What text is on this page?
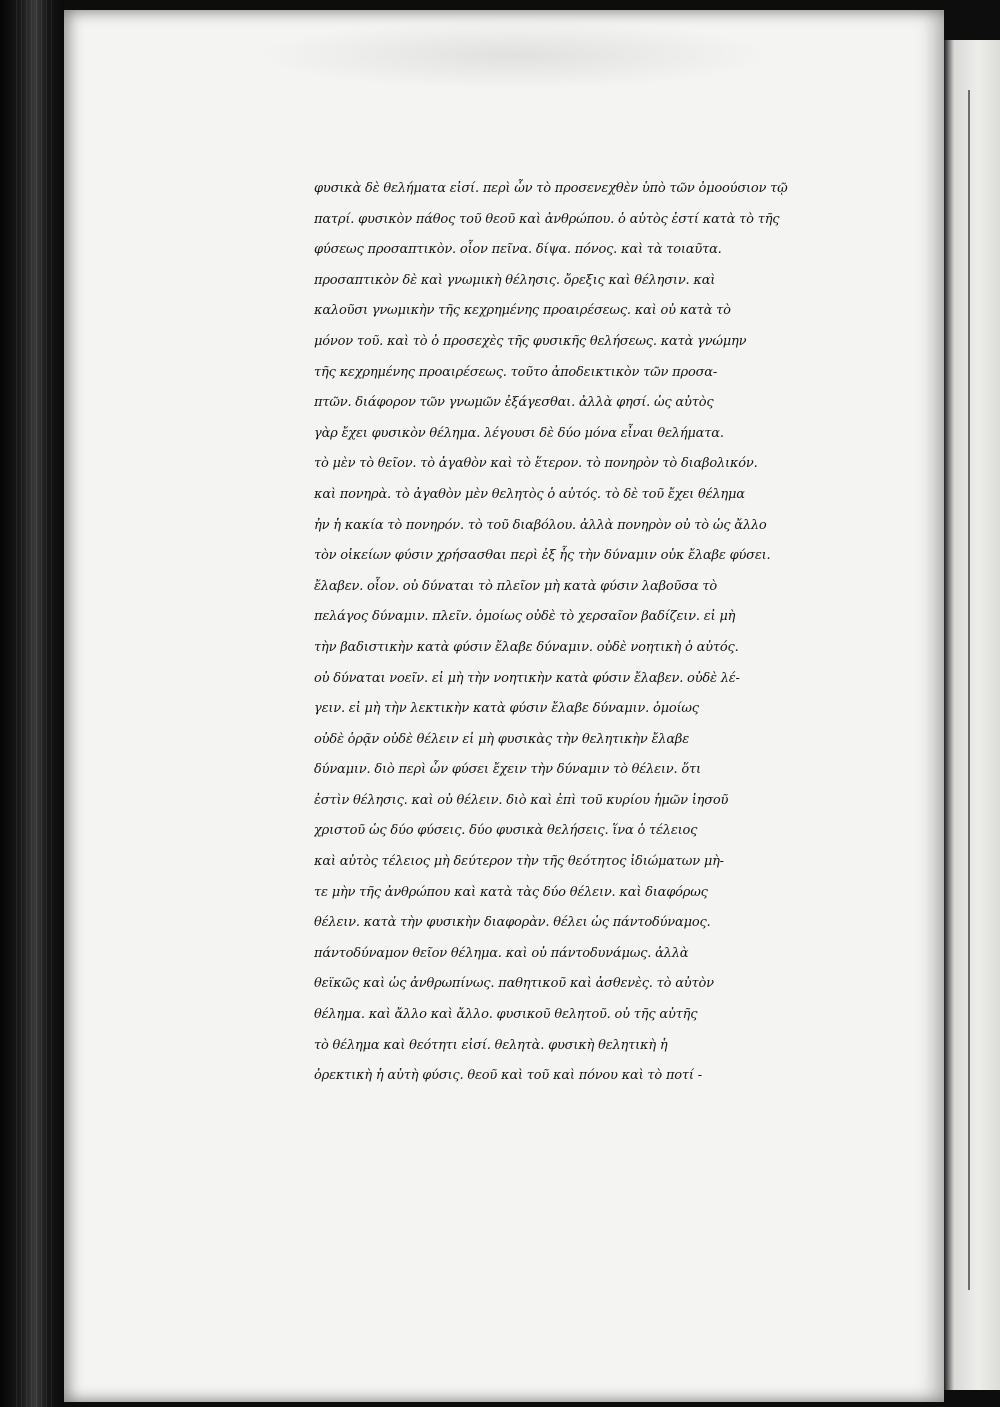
φυσικὰ δὲ θελήματα εἰσί. περὶ ὧν τὸ προσενεχθὲν ὑπὸ τῶν ὁμοούσιον τῷ
πατρί. φυσικὸν πάθος τοῦ θεοῦ καὶ ἀνθρώπου. ὁ αὐτὸς ἐστί κατὰ τὸ τῆς
φύσεως προσαπτικὸν. οἷον πεῖνα. δίψα. πόνος. καὶ τὰ τοιαῦτα.
προσαπτικὸν δὲ καὶ γνωμικὴ θέλησις. ὄρεξις καὶ θέλησιν. καὶ
καλοῦσι γνωμικὴν τῆς κεχρημένης προαιρέσεως. καὶ οὐ κατὰ τὸ
μόνον τοῦ. καὶ τὸ ὁ προσεχὲς τῆς φυσικῆς θελήσεως. κατὰ γνώμην
τῆς κεχρημένης προαιρέσεως. τοῦτο ἀποδεικτικὸν τῶν προσα-
πτῶν. διάφορον τῶν γνωμῶν ἐξάγεσθαι. ἀλλὰ φησί. ὡς αὐτὸς
γὰρ ἔχει φυσικὸν θέλημα. λέγουσι δὲ δύο μόνα εἶναι θελήματα.
τὸ μὲν τὸ θεῖον. τὸ ἀγαθὸν καὶ τὸ ἕτερον. τὸ πονηρὸν τὸ διαβολικόν.
καὶ πονηρὰ. τὸ ἀγαθὸν μὲν θελητὸς ὁ αὐτός. τὸ δὲ τοῦ ἔχει θέλημα
ἠν ἡ κακία τὸ πονηρόν. τὸ τοῦ διαβόλου. ἀλλὰ πονηρὸν οὐ τὸ ὡς ἄλλο
τὸν οἰκείων φύσιν χρήσασθαι περὶ ἐξ ἧς τὴν δύναμιν οὐκ ἔλαβε φύσει.
ἔλαβεν. οἷον. οὐ δύναται τὸ πλεῖον μὴ κατὰ φύσιν λαβοῦσα τὸ
πελάγος δύναμιν. πλεῖν. ὁμοίως οὐδὲ τὸ χερσαῖον βαδίζειν. εἰ μὴ
τὴν βαδιστικὴν κατὰ φύσιν ἔλαβε δύναμιν. οὐδὲ νοητικὴ ὁ αὐτός.
οὐ δύναται νοεῖν. εἰ μὴ τὴν νοητικὴν κατὰ φύσιν ἔλαβεν. οὐδὲ λέ-
γειν. εἰ μὴ τὴν λεκτικὴν κατὰ φύσιν ἔλαβε δύναμιν. ὁμοίως
οὐδὲ ὁρᾷν οὐδὲ θέλειν εἰ μὴ φυσικὰς τὴν θελητικὴν ἔλαβε
δύναμιν. διὸ περὶ ὧν φύσει ἔχειν τὴν δύναμιν τὸ θέλειν. ὅτι
ἐστὶν θέλησις. καὶ οὐ θέλειν. διὸ καὶ ἐπὶ τοῦ κυρίου ἡμῶν ἰησοῦ
χριστοῦ ὡς δύο φύσεις. δύο φυσικὰ θελήσεις. ἵνα ὁ τέλειος
καὶ αὐτὸς τέλειος μὴ δεύτερον τὴν τῆς θεότητος ἰδιώματων μὴ-
τε μὴν τῆς ἀνθρώπου καὶ κατὰ τὰς δύο θέλειν. καὶ διαφόρως
θέλειν. κατὰ τὴν φυσικὴν διαφορὰν. θέλει ὡς πάντοδύναμος.
πάντοδύναμον θεῖον θέλημα. καὶ οὐ πάντοδυνάμως. ἀλλὰ
θεϊκῶς καὶ ὡς ἀνθρωπίνως. παθητικοῦ καὶ ἀσθενὲς. τὸ αὐτὸν
θέλημα. καὶ ἄλλο καὶ ἄλλο. φυσικοῦ θελητοῦ. οὐ τῆς αὐτῆς
τὸ θέλημα καὶ θεότητι εἰσί. θελητὰ. φυσικὴ θελητικὴ ἡ
ὀρεκτικὴ ἡ αὐτὴ φύσις. θεοῦ καὶ τοῦ καὶ πόνου καὶ τὸ ποτί -
